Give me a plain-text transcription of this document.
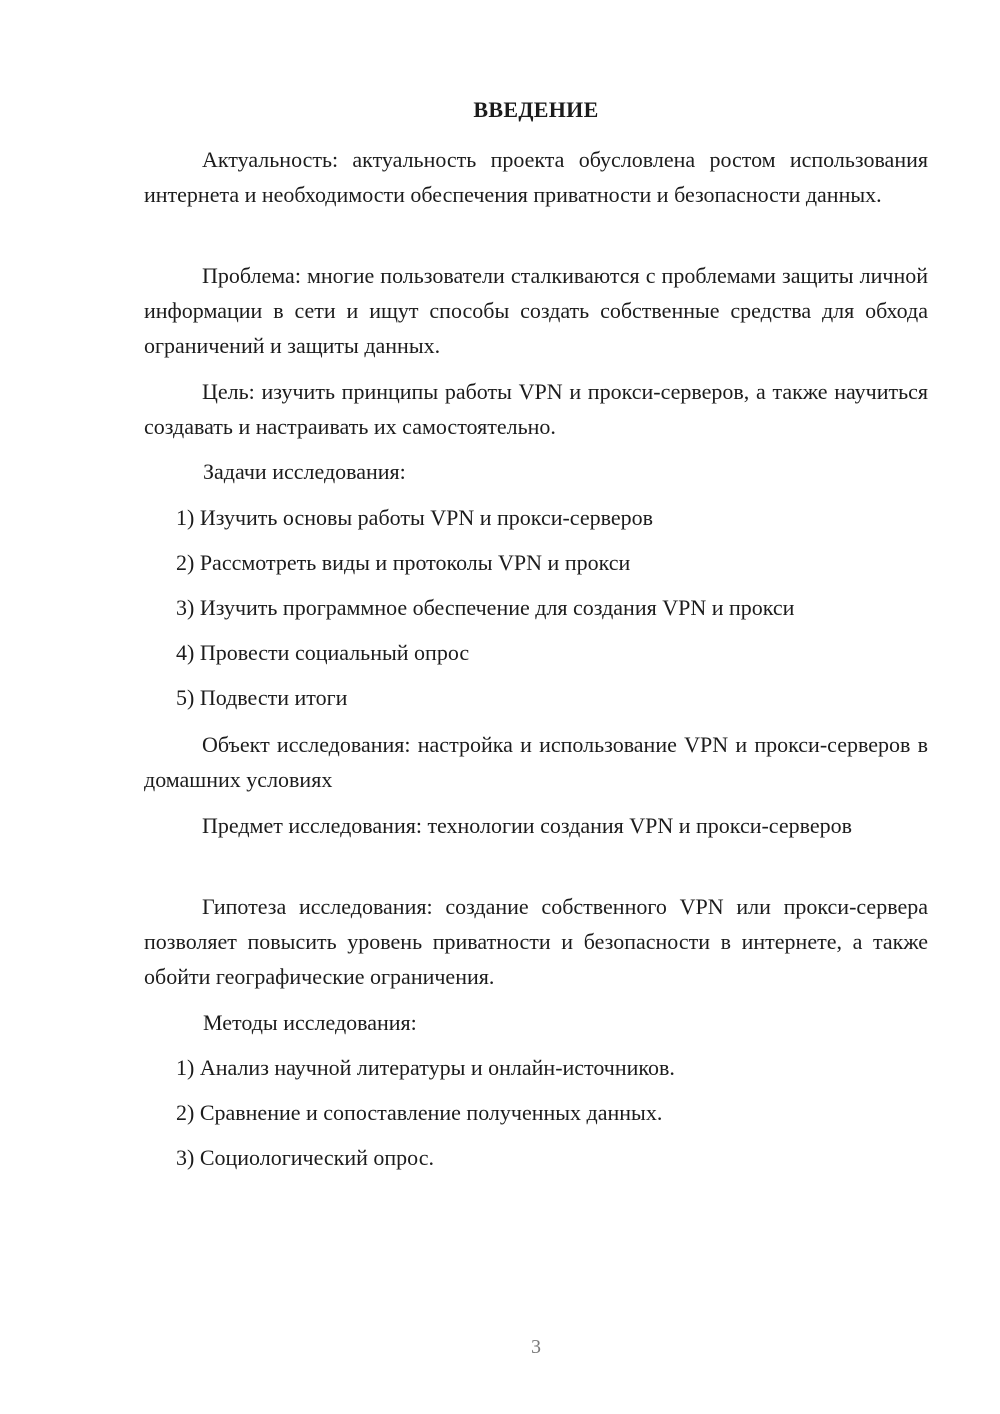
ВВЕДЕНИЕ

Актуальность: актуальность проекта обусловлена ростом использования интернета и необходимости обеспечения приватности и безопасности данных.

Проблема: многие пользователи сталкиваются с проблемами защиты личной информации в сети и ищут способы создать собственные средства для обхода ограничений и защиты данных.

Цель: изучить принципы работы VPN и прокси-серверов, а также научиться создавать и настраивать их самостоятельно.

Задачи исследования:

1) Изучить основы работы VPN и прокси-серверов

2) Рассмотреть виды и протоколы VPN и прокси

3) Изучить программное обеспечение для создания VPN и прокси

4) Провести социальный опрос

5) Подвести итоги

Объект исследования: настройка и использование VPN и прокси-серверов в домашних условиях

Предмет исследования: технологии создания VPN и прокси-серверов

Гипотеза исследования: создание собственного VPN или прокси-сервера позволяет повысить уровень приватности и безопасности в интернете, а также обойти географические ограничения.

Методы исследования:

1) Анализ научной литературы и онлайн-источников.

2) Сравнение и сопоставление полученных данных.

3) Социологический опрос.

3
